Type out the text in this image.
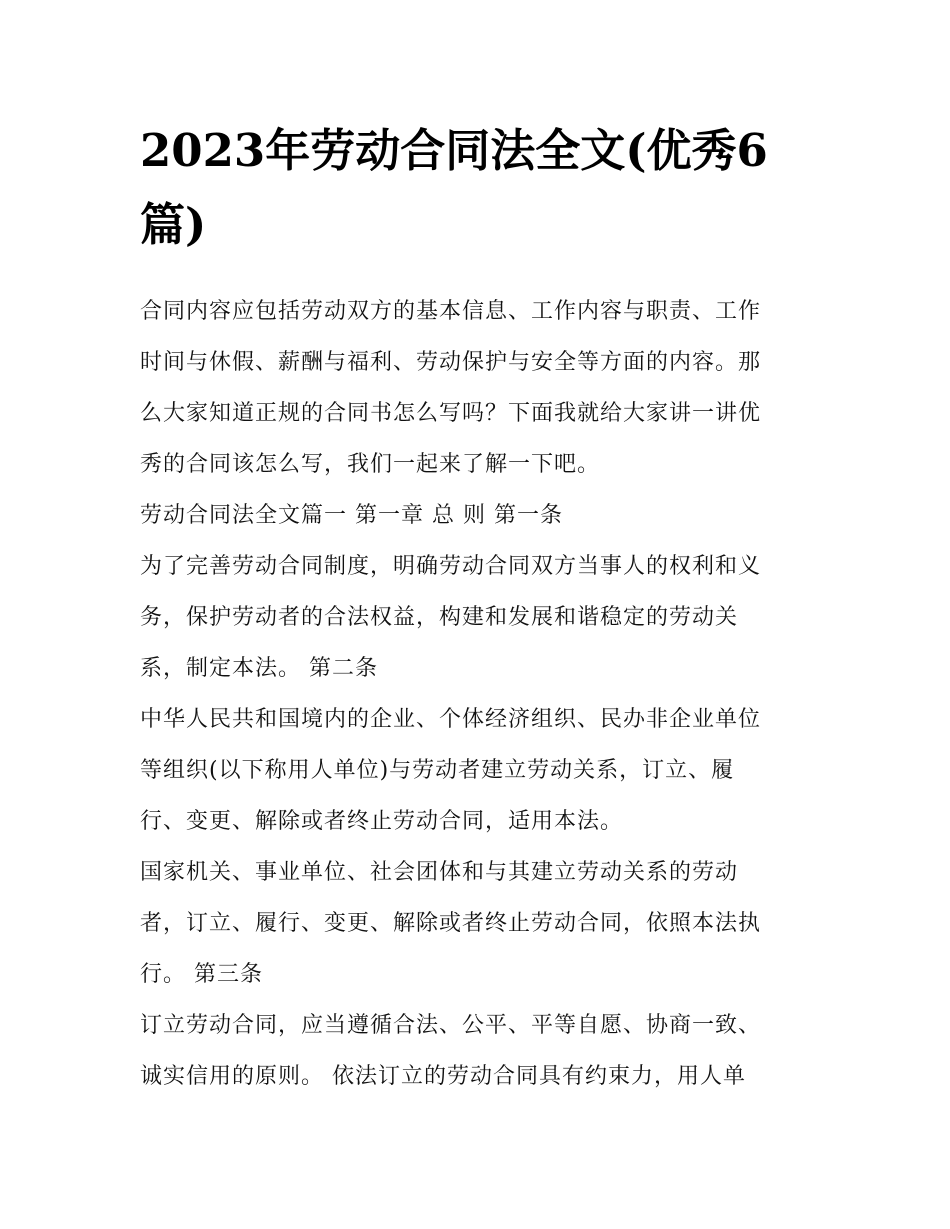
2023年劳动合同法全文(优秀6
篇)

合同内容应包括劳动双方的基本信息、工作内容与职责、工作
时间与休假、薪酬与福利、劳动保护与安全等方面的内容。那
么大家知道正规的合同书怎么写吗？下面我就给大家讲一讲优
秀的合同该怎么写，我们一起来了解一下吧。

劳动合同法全文篇一 第一章 总 则 第一条

为了完善劳动合同制度，明确劳动合同双方当事人的权利和义
务，保护劳动者的合法权益，构建和发展和谐稳定的劳动关
系，制定本法。 第二条

中华人民共和国境内的企业、个体经济组织、民办非企业单位
等组织(以下称用人单位)与劳动者建立劳动关系，订立、履
行、变更、解除或者终止劳动合同，适用本法。

国家机关、事业单位、社会团体和与其建立劳动关系的劳动
者，订立、履行、变更、解除或者终止劳动合同，依照本法执
行。 第三条

订立劳动合同，应当遵循合法、公平、平等自愿、协商一致、
诚实信用的原则。 依法订立的劳动合同具有约束力，用人单
